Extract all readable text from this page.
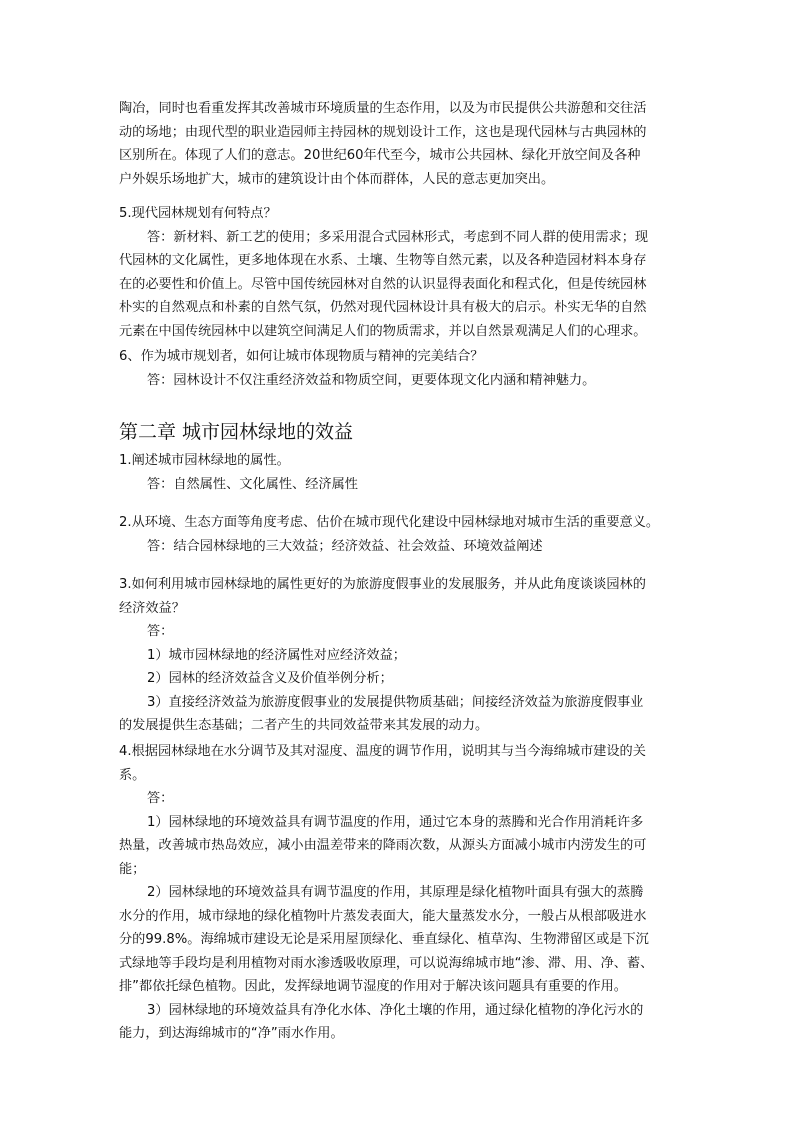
陶冶，同时也看重发挥其改善城市环境质量的生态作用，以及为市民提供公共游憩和交往活

动的场地；由现代型的职业造园师主持园林的规划设计工作，这也是现代园林与古典园林的

区别所在。体现了人们的意志。20世纪60年代至今，城市公共园林、绿化开放空间及各种

户外娱乐场地扩大，城市的建筑设计由个体而群体，人民的意志更加突出。

5.现代园林规划有何特点？

答：新材料、新工艺的使用；多采用混合式园林形式，考虑到不同人群的使用需求；现

代园林的文化属性，更多地体现在水系、土壤、生物等自然元素，以及各种造园材料本身存

在的必要性和价值上。尽管中国传统园林对自然的认识显得表面化和程式化，但是传统园林

朴实的自然观点和朴素的自然气氛，仍然对现代园林设计具有极大的启示。朴实无华的自然

元素在中国传统园林中以建筑空间满足人们的物质需求，并以自然景观满足人们的心理求。

6、作为城市规划者，如何让城市体现物质与精神的完美结合？

答：园林设计不仅注重经济效益和物质空间，更要体现文化内涵和精神魅力。

第二章 城市园林绿地的效益

1.阐述城市园林绿地的属性。

答：自然属性、文化属性、经济属性

2.从环境、生态方面等角度考虑、估价在城市现代化建设中园林绿地对城市生活的重要意义。

答：结合园林绿地的三大效益；经济效益、社会效益、环境效益阐述

3.如何利用城市园林绿地的属性更好的为旅游度假事业的发展服务，并从此角度谈谈园林的

经济效益？

答：

1）城市园林绿地的经济属性对应经济效益；

2）园林的经济效益含义及价值举例分析；

3）直接经济效益为旅游度假事业的发展提供物质基础；间接经济效益为旅游度假事业

的发展提供生态基础；二者产生的共同效益带来其发展的动力。

4.根据园林绿地在水分调节及其对湿度、温度的调节作用，说明其与当今海绵城市建设的关

系。

答：

1）园林绿地的环境效益具有调节温度的作用，通过它本身的蒸腾和光合作用消耗许多

热量，改善城市热岛效应，减小由温差带来的降雨次数，从源头方面减小城市内涝发生的可

能；

2）园林绿地的环境效益具有调节温度的作用，其原理是绿化植物叶面具有强大的蒸腾

水分的作用，城市绿地的绿化植物叶片蒸发表面大，能大量蒸发水分，一般占从根部吸进水

分的99.8%。海绵城市建设无论是采用屋顶绿化、垂直绿化、植草沟、生物滞留区或是下沉

式绿地等手段均是利用植物对雨水渗透吸收原理，可以说海绵城市地“渗、滞、用、净、蓄、

排”都依托绿色植物。因此，发挥绿地调节湿度的作用对于解决该问题具有重要的作用。

3）园林绿地的环境效益具有净化水体、净化土壤的作用，通过绿化植物的净化污水的

能力，到达海绵城市的“净”雨水作用。
